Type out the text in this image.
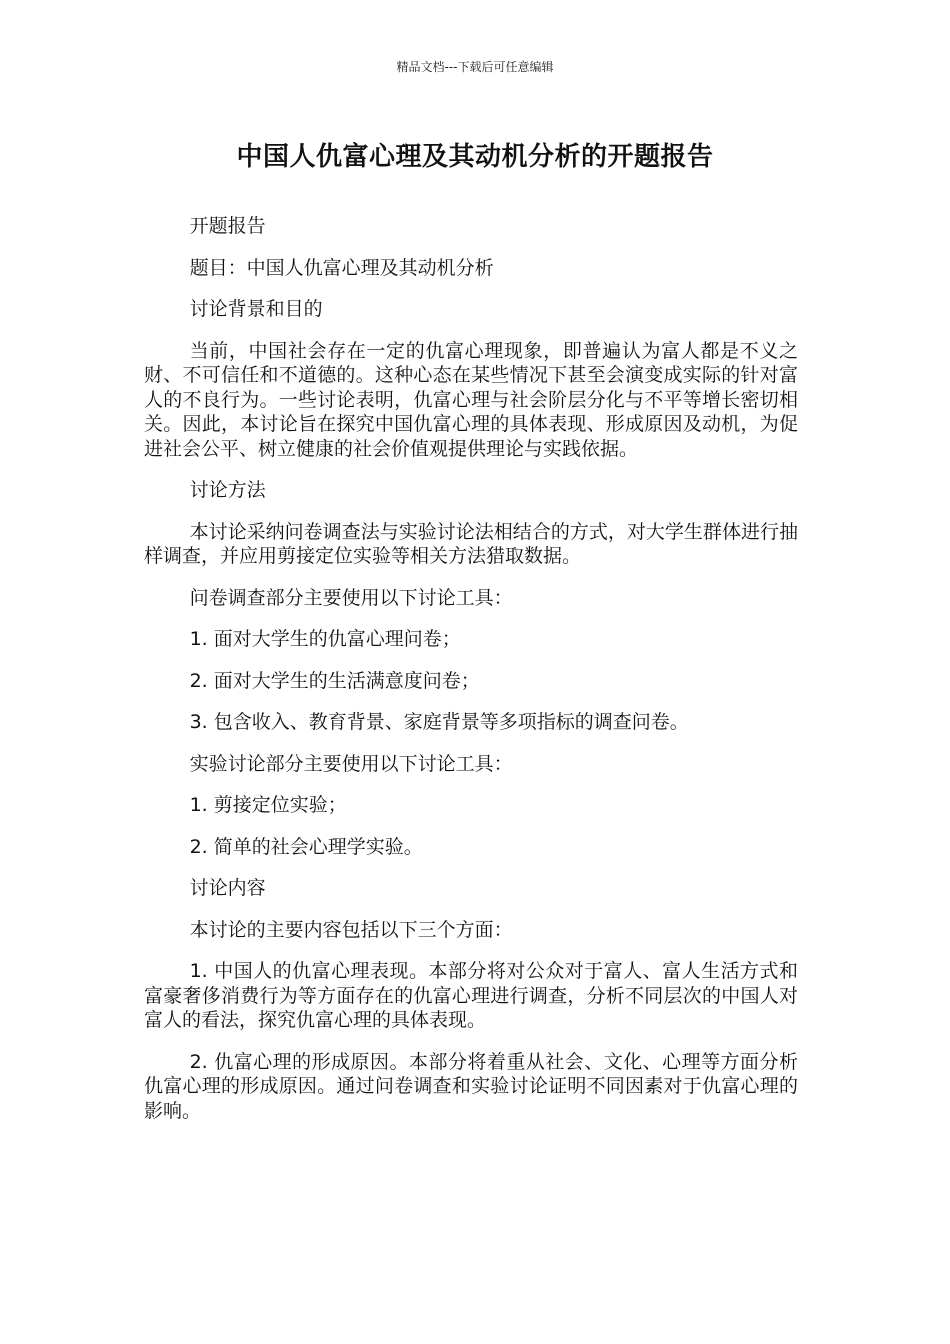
精品文档---下载后可任意编辑
中国人仇富心理及其动机分析的开题报告

开题报告

题目：中国人仇富心理及其动机分析

讨论背景和目的

当前，中国社会存在一定的仇富心理现象，即普遍认为富人都是不义之财、不可信任和不道德的。这种心态在某些情况下甚至会演变成实际的针对富人的不良行为。一些讨论表明，仇富心理与社会阶层分化与不平等增长密切相关。因此，本讨论旨在探究中国仇富心理的具体表现、形成原因及动机，为促进社会公平、树立健康的社会价值观提供理论与实践依据。

讨论方法

本讨论采纳问卷调查法与实验讨论法相结合的方式，对大学生群体进行抽样调查，并应用剪接定位实验等相关方法猎取数据。

问卷调查部分主要使用以下讨论工具：

1. 面对大学生的仇富心理问卷；

2. 面对大学生的生活满意度问卷；

3. 包含收入、教育背景、家庭背景等多项指标的调查问卷。

实验讨论部分主要使用以下讨论工具：

1. 剪接定位实验；

2. 简单的社会心理学实验。

讨论内容

本讨论的主要内容包括以下三个方面：

1. 中国人的仇富心理表现。本部分将对公众对于富人、富人生活方式和富豪奢侈消费行为等方面存在的仇富心理进行调查，分析不同层次的中国人对富人的看法，探究仇富心理的具体表现。

2. 仇富心理的形成原因。本部分将着重从社会、文化、心理等方面分析仇富心理的形成原因。通过问卷调查和实验讨论证明不同因素对于仇富心理的影响。
